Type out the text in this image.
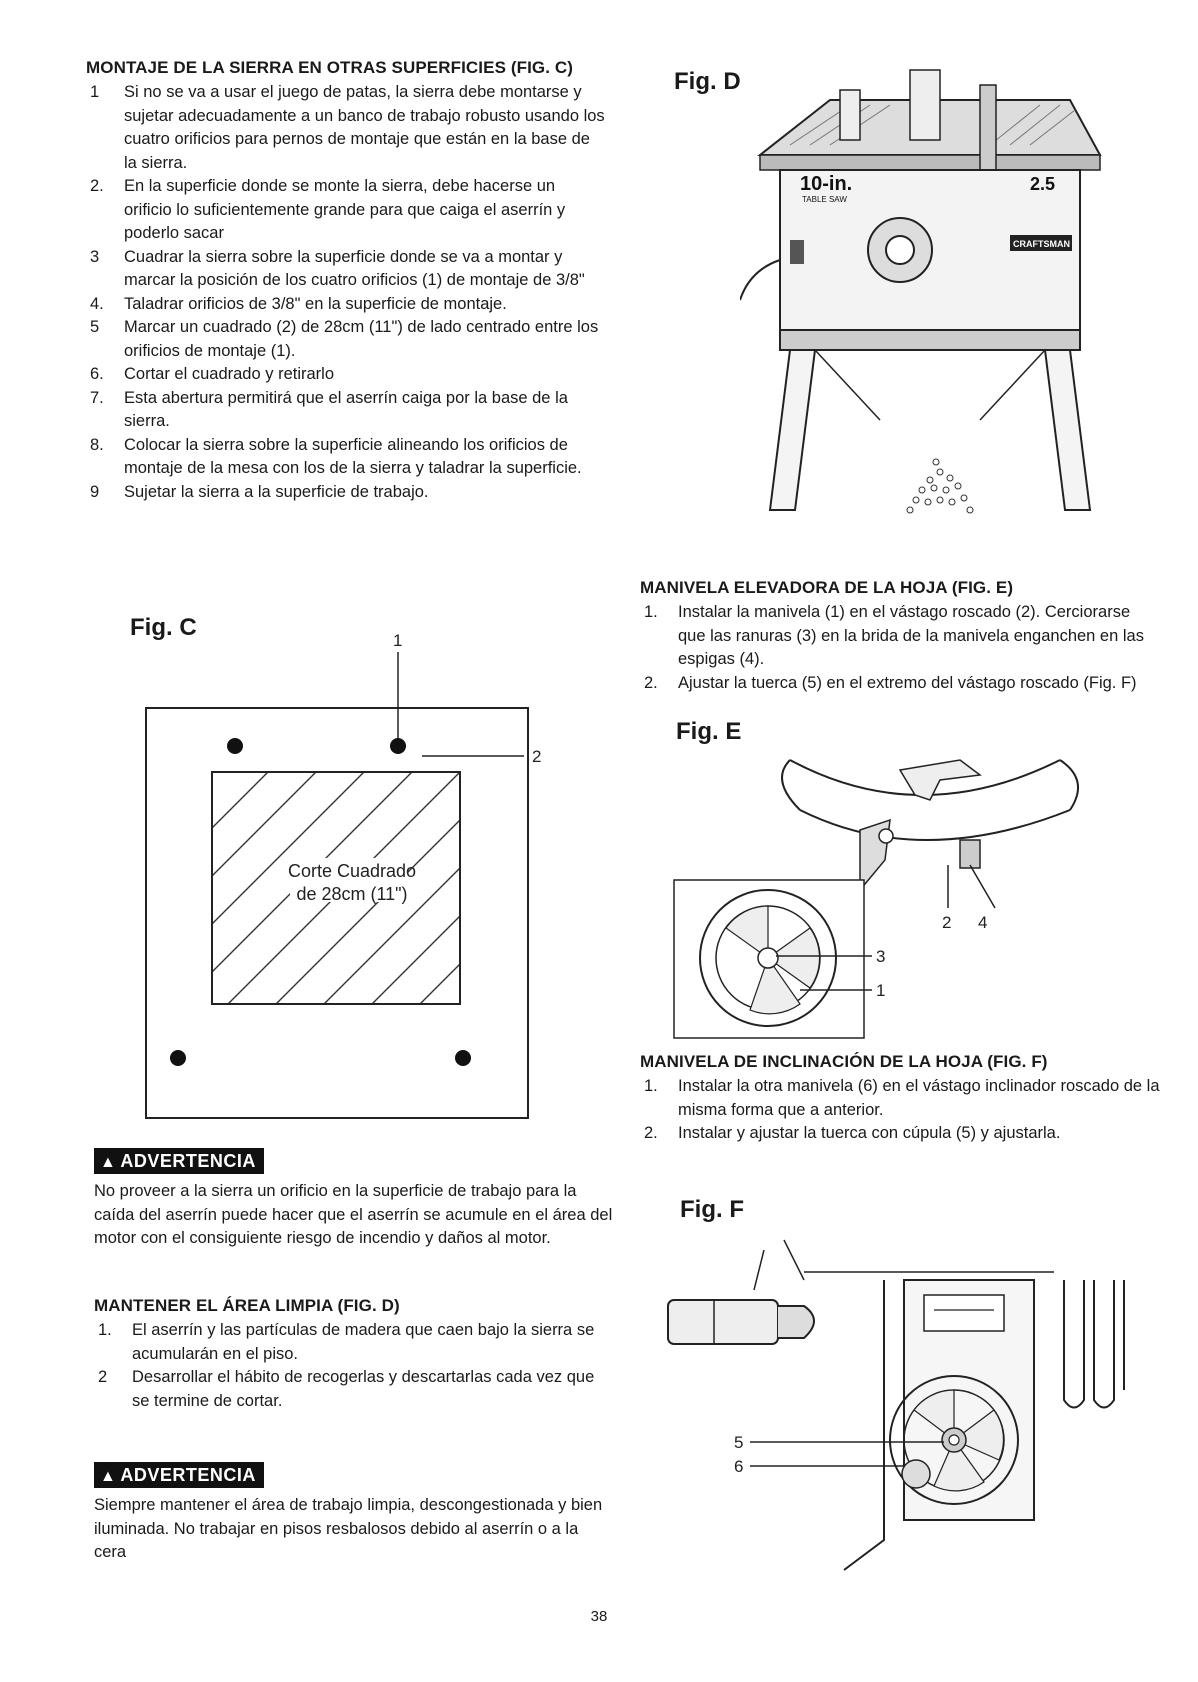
MONTAJE DE LA SIERRA EN OTRAS SUPERFICIES (FIG. C)
1 Si no se va a usar el juego de patas, la sierra debe montarse y sujetar adecuadamente a un banco de trabajo robusto usando los cuatro orificios para pernos de montaje que están en la base de la sierra.
2. En la superficie donde se monte la sierra, debe hacerse un orificio lo suficientemente grande para que caiga el aserrín y poderlo sacar
3 Cuadrar la sierra sobre la superficie donde se va a montar y marcar la posición de los cuatro orificios (1) de montaje de 3/8"
4. Taladrar orificios de 3/8" en la superficie de montaje.
5 Marcar un cuadrado (2) de 28cm (11") de lado centrado entre los orificios de montaje (1).
6. Cortar el cuadrado y retirarlo
7. Esta abertura permitirá que el aserrín caiga por la base de la sierra.
8. Colocar la sierra sobre la superficie alineando los orificios de montaje de la mesa con los de la sierra y taladrar la superficie.
9 Sujetar la sierra a la superficie de trabajo.
Fig. C	1
2
Corte Cuadrado
de 28cm (11")
▲ ADVERTENCIA

No proveer a la sierra un orificio en la superficie de trabajo para la caída del aserrín puede hacer que el aserrín se acumule en el área del motor con el consiguiente riesgo de incendio y daños al motor.

MANTENER EL ÁREA LIMPIA (FIG. D)
1. El aserrín y las partículas de madera que caen bajo la sierra se acumularán en el piso.
2 Desarrollar el hábito de recogerlas y descartarlas cada vez que se termine de cortar.
▲ ADVERTENCIA

Siempre mantener el área de trabajo limpia, descongestionada y bien iluminada. No trabajar en pisos resbalosos debido al aserrín o a la cera

Fig. D
10-in.
TABLE SAW
2.5
CRAFTSMAN
MANIVELA ELEVADORA DE LA HOJA (FIG. E)
1. Instalar la manivela (1) en el vástago roscado (2). Cerciorarse que las ranuras (3) en la brida de la manivela enganchen en las espigas (4).
2. Ajustar la tuerca (5) en el extremo del vástago roscado (Fig. F)
Fig. E
3
1
2 4
MANIVELA DE INCLINACIÓN DE LA HOJA (FIG. F)
1. Instalar la otra manivela (6) en el vástago inclinador roscado de la misma forma que a anterior.
2. Instalar y ajustar la tuerca con cúpula (5) y ajustarla.
Fig. F
5
6
38
